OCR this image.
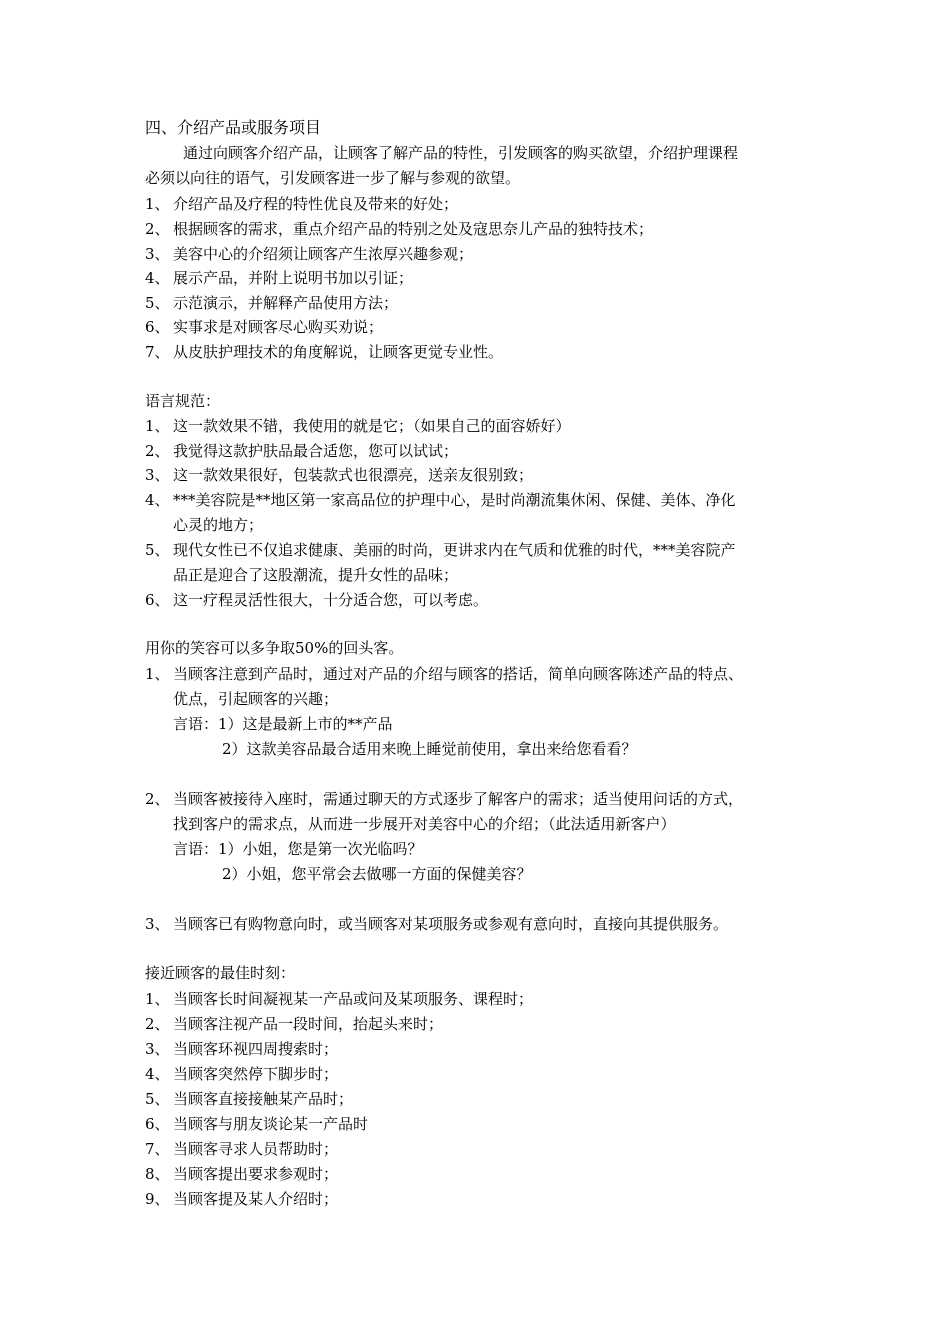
四、介绍产品或服务项目
通过向顾客介绍产品，让顾客了解产品的特性，引发顾客的购买欲望，介绍护理课程
必须以向往的语气，引发顾客进一步了解与参观的欲望。
1、 介绍产品及疗程的特性优良及带来的好处；
2、 根据顾客的需求，重点介绍产品的特别之处及寇思奈儿产品的独特技术；
3、 美容中心的介绍须让顾客产生浓厚兴趣参观；
4、 展示产品，并附上说明书加以引证；
5、 示范演示，并解释产品使用方法；
6、 实事求是对顾客尽心购买劝说；
7、 从皮肤护理技术的角度解说，让顾客更觉专业性。
语言规范：
1、 这一款效果不错，我使用的就是它；（如果自己的面容娇好）
2、 我觉得这款护肤品最合适您，您可以试试；
3、 这一款效果很好，包装款式也很漂亮，送亲友很别致；
4、 ***美容院是**地区第一家高品位的护理中心，是时尚潮流集休闲、保健、美体、净化
心灵的地方；
5、 现代女性已不仅追求健康、美丽的时尚，更讲求内在气质和优雅的时代，***美容院产
品正是迎合了这股潮流，提升女性的品味；
6、 这一疗程灵活性很大，十分适合您，可以考虑。
用你的笑容可以多争取50%的回头客。
1、 当顾客注意到产品时，通过对产品的介绍与顾客的搭话，简单向顾客陈述产品的特点、
优点，引起顾客的兴趣；
言语：1）这是最新上市的**产品
2）这款美容品最合适用来晚上睡觉前使用，拿出来给您看看？
2、 当顾客被接待入座时，需通过聊天的方式逐步了解客户的需求；适当使用问话的方式，
找到客户的需求点，从而进一步展开对美容中心的介绍；（此法适用新客户）
言语：1）小姐，您是第一次光临吗？
2）小姐，您平常会去做哪一方面的保健美容？
3、 当顾客已有购物意向时，或当顾客对某项服务或参观有意向时，直接向其提供服务。
接近顾客的最佳时刻：
1、 当顾客长时间凝视某一产品或问及某项服务、课程时；
2、 当顾客注视产品一段时间，抬起头来时；
3、 当顾客环视四周搜索时；
4、 当顾客突然停下脚步时；
5、 当顾客直接接触某产品时；
6、 当顾客与朋友谈论某一产品时
7、 当顾客寻求人员帮助时；
8、 当顾客提出要求参观时；
9、 当顾客提及某人介绍时；
